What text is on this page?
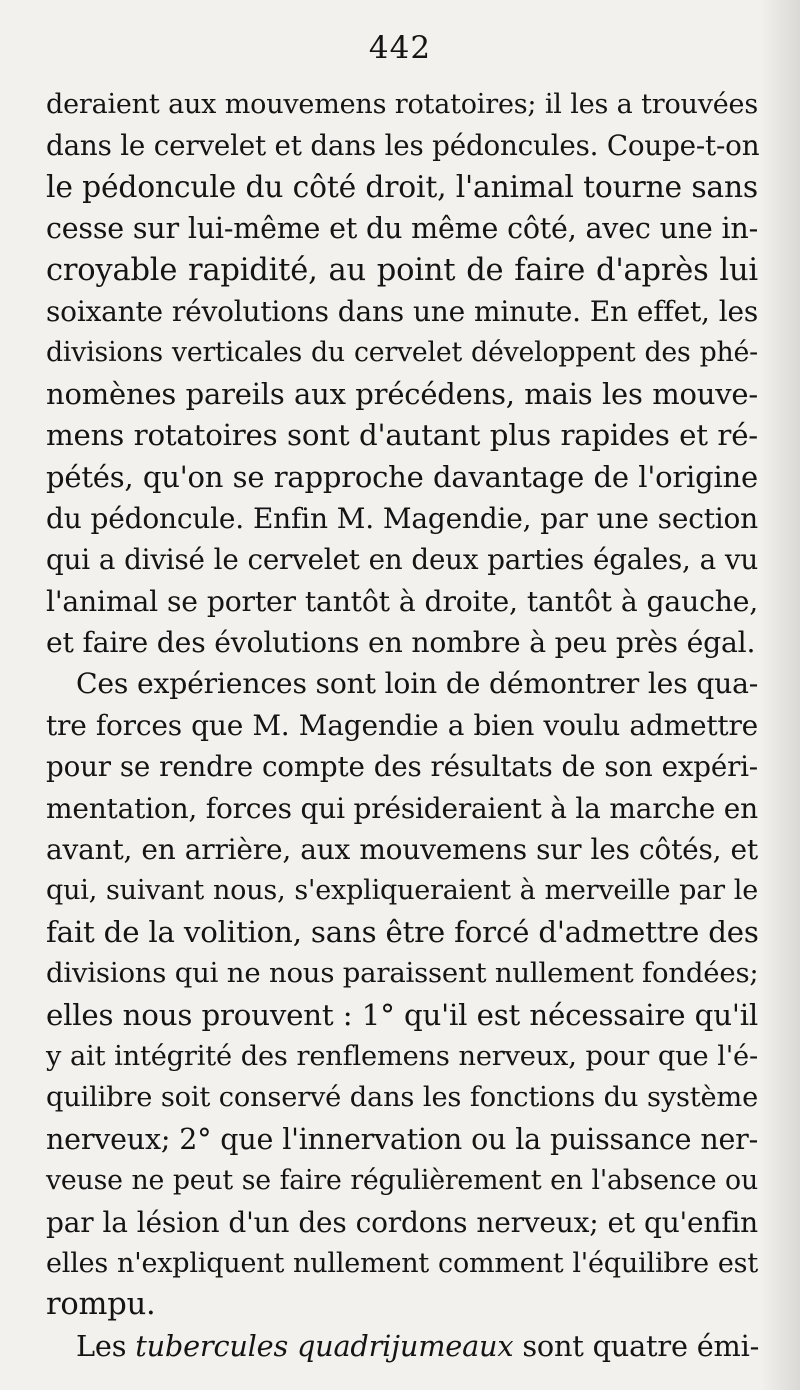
442
deraient aux mouvemens rotatoires; il les a trouvées
dans le cervelet et dans les pédoncules. Coupe-t-on
le pédoncule du côté droit, l'animal tourne sans
cesse sur lui-même et du même côté, avec une in-
croyable rapidité, au point de faire d'après lui
soixante révolutions dans une minute. En effet, les
divisions verticales du cervelet développent des phé-
nomènes pareils aux précédens, mais les mouve-
mens rotatoires sont d'autant plus rapides et ré-
pétés, qu'on se rapproche davantage de l'origine
du pédoncule. Enfin M. Magendie, par une section
qui a divisé le cervelet en deux parties égales, a vu
l'animal se porter tantôt à droite, tantôt à gauche,
et faire des évolutions en nombre à peu près égal.
Ces expériences sont loin de démontrer les qua-
tre forces que M. Magendie a bien voulu admettre
pour se rendre compte des résultats de son expéri-
mentation, forces qui présideraient à la marche en
avant, en arrière, aux mouvemens sur les côtés, et
qui, suivant nous, s'expliqueraient à merveille par le
fait de la volition, sans être forcé d'admettre des
divisions qui ne nous paraissent nullement fondées;
elles nous prouvent : 1° qu'il est nécessaire qu'il
y ait intégrité des renflemens nerveux, pour que l'é-
quilibre soit conservé dans les fonctions du système
nerveux; 2° que l'innervation ou la puissance ner-
veuse ne peut se faire régulièrement en l'absence ou
par la lésion d'un des cordons nerveux; et qu'enfin
elles n'expliquent nullement comment l'équilibre est
rompu.
Les tubercules quadrijumeaux sont quatre émi-
